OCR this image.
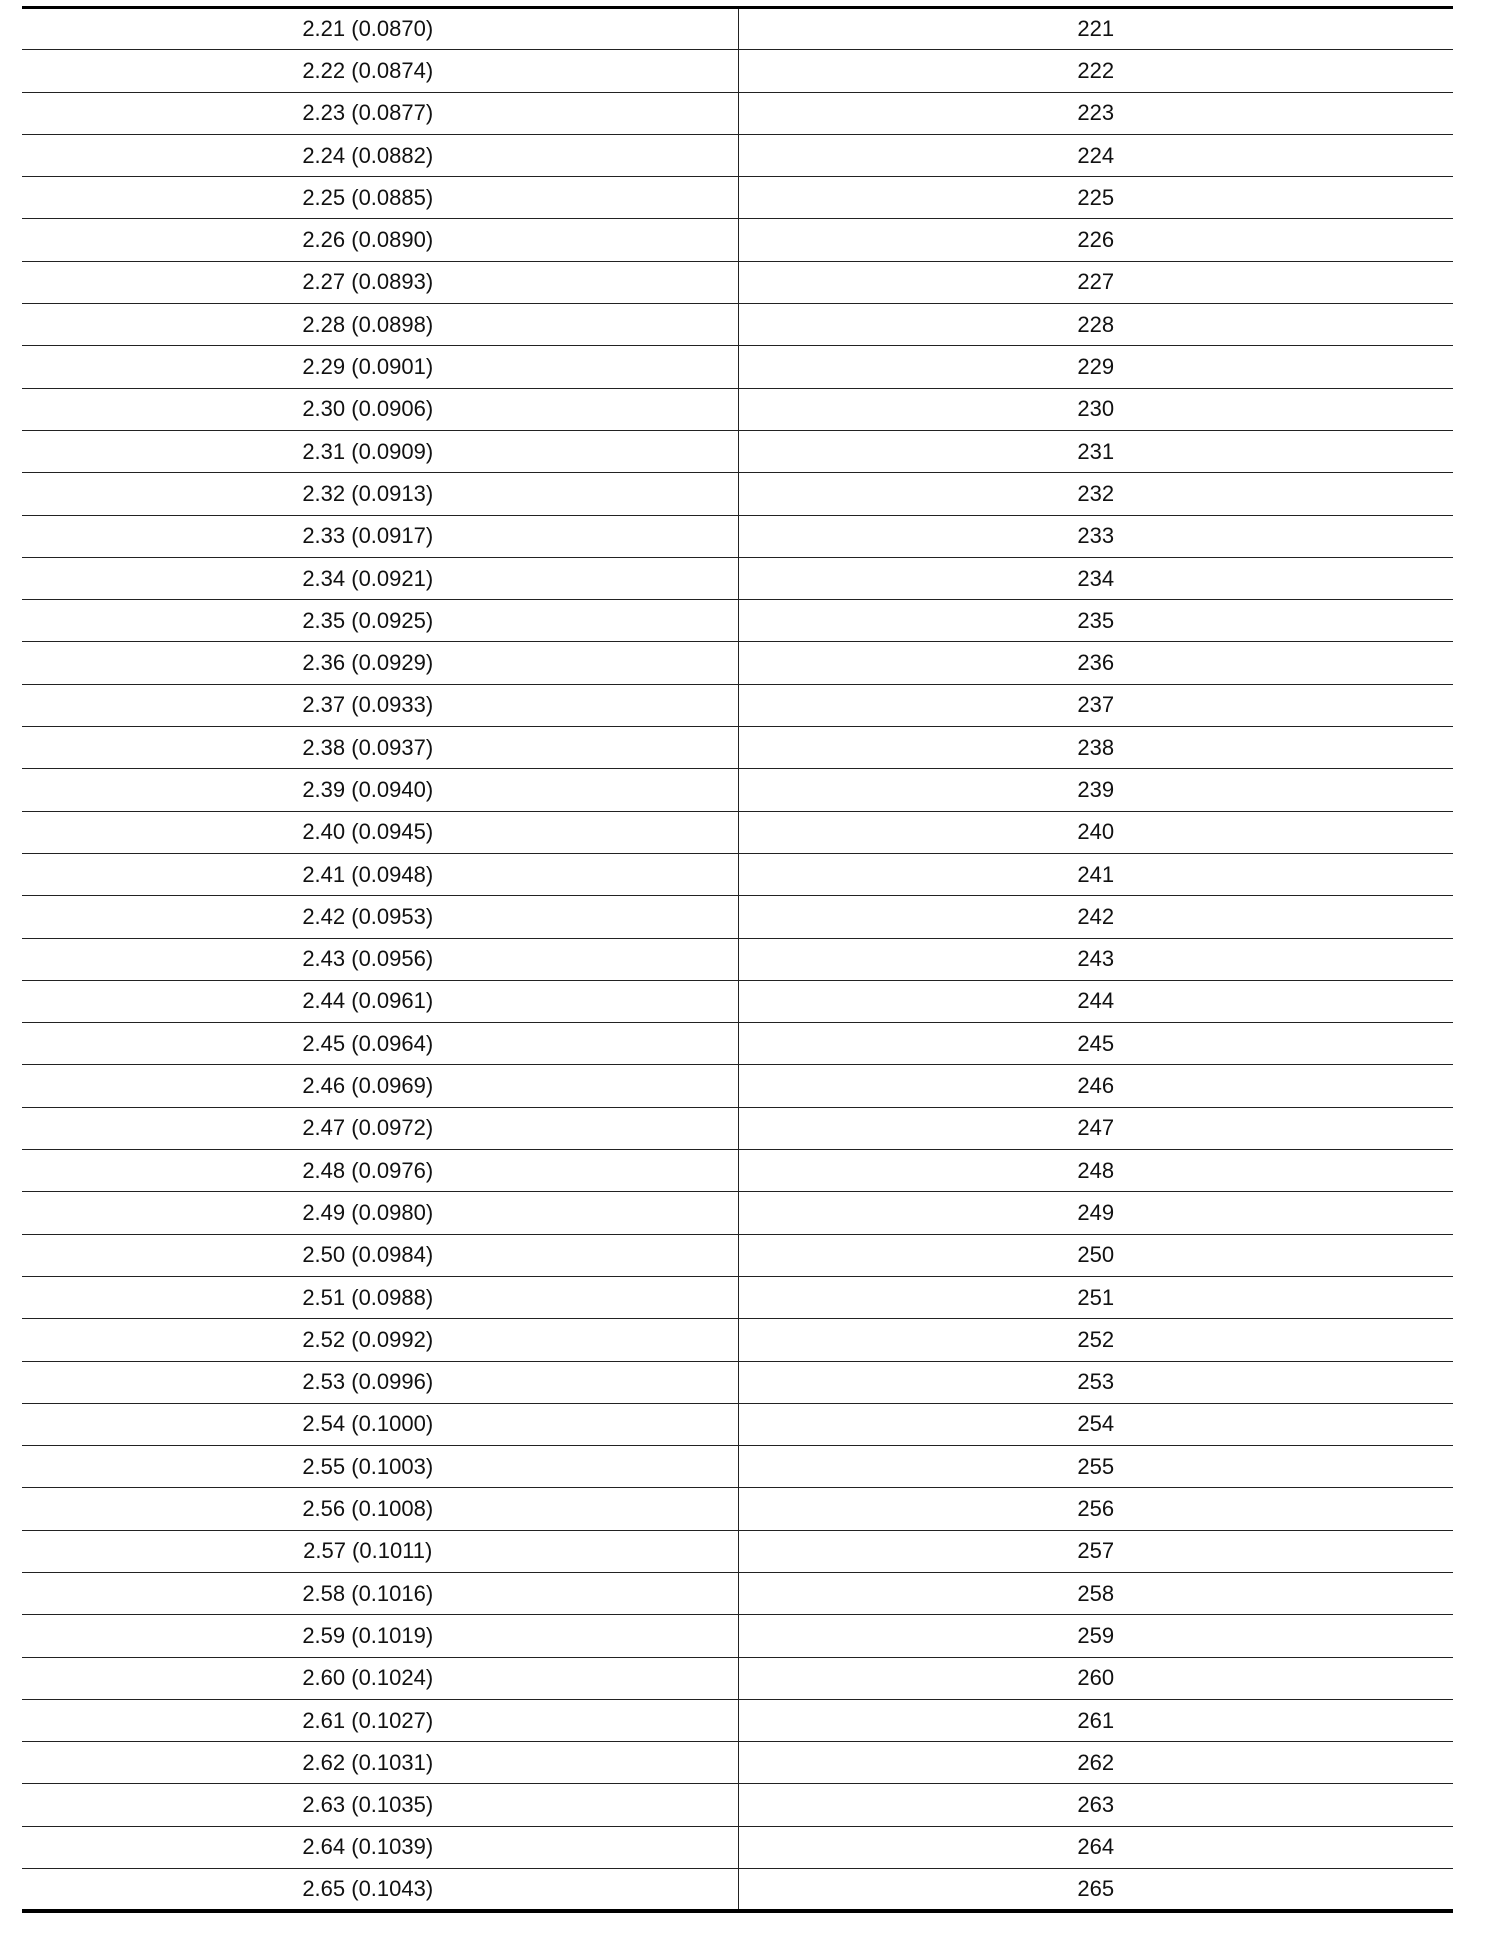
2.21 (0.0870)	221
2.22 (0.0874)	222
2.23 (0.0877)	223
2.24 (0.0882)	224
2.25 (0.0885)	225
2.26 (0.0890)	226
2.27 (0.0893)	227
2.28 (0.0898)	228
2.29 (0.0901)	229
2.30 (0.0906)	230
2.31 (0.0909)	231
2.32 (0.0913)	232
2.33 (0.0917)	233
2.34 (0.0921)	234
2.35 (0.0925)	235
2.36 (0.0929)	236
2.37 (0.0933)	237
2.38 (0.0937)	238
2.39 (0.0940)	239
2.40 (0.0945)	240
2.41 (0.0948)	241
2.42 (0.0953)	242
2.43 (0.0956)	243
2.44 (0.0961)	244
2.45 (0.0964)	245
2.46 (0.0969)	246
2.47 (0.0972)	247
2.48 (0.0976)	248
2.49 (0.0980)	249
2.50 (0.0984)	250
2.51 (0.0988)	251
2.52 (0.0992)	252
2.53 (0.0996)	253
2.54 (0.1000)	254
2.55 (0.1003)	255
2.56 (0.1008)	256
2.57 (0.1011)	257
2.58 (0.1016)	258
2.59 (0.1019)	259
2.60 (0.1024)	260
2.61 (0.1027)	261
2.62 (0.1031)	262
2.63 (0.1035)	263
2.64 (0.1039)	264
2.65 (0.1043)	265
